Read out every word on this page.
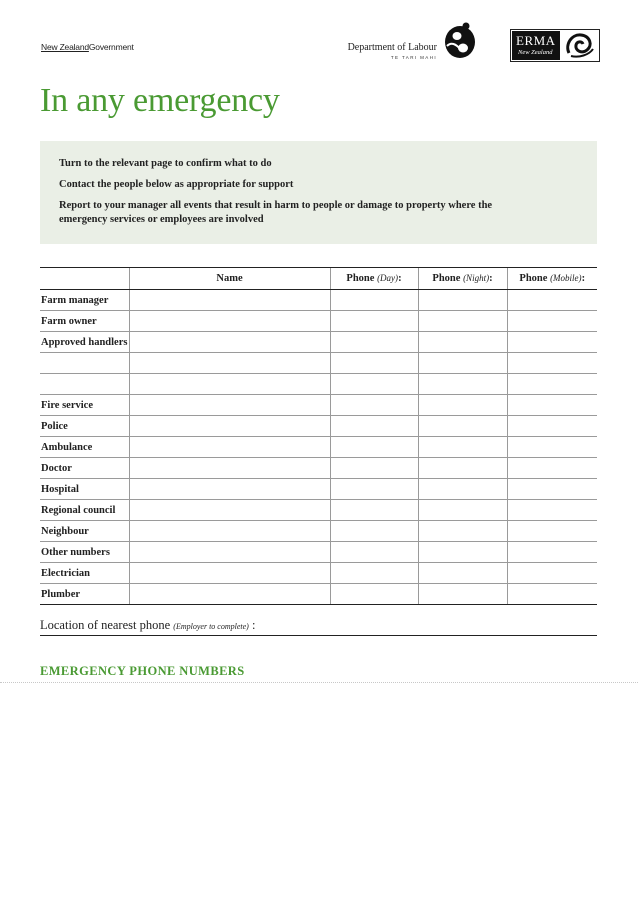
New ZealandGovernment	Department of Labour
TE TARI MAHI
ERMA
New Zealand
In any emergency
Turn to the relevant page to confirm what to do
Contact the people below as appropriate for support
Report to your manager all events that result in harm to people or damage to property where the emergency services or employees are involved
	Name	Phone (Day):	Phone (Night):	Phone (Mobile):
Farm manager				
Farm owner				
Approved handlers				

Fire service				
Police				
Ambulance				
Doctor				
Hospital				
Regional council				
Neighbour				
Other numbers				
Electrician				
Plumber				
Location of nearest phone (Employer to complete) :
EMERGENCY PHONE NUMBERS
